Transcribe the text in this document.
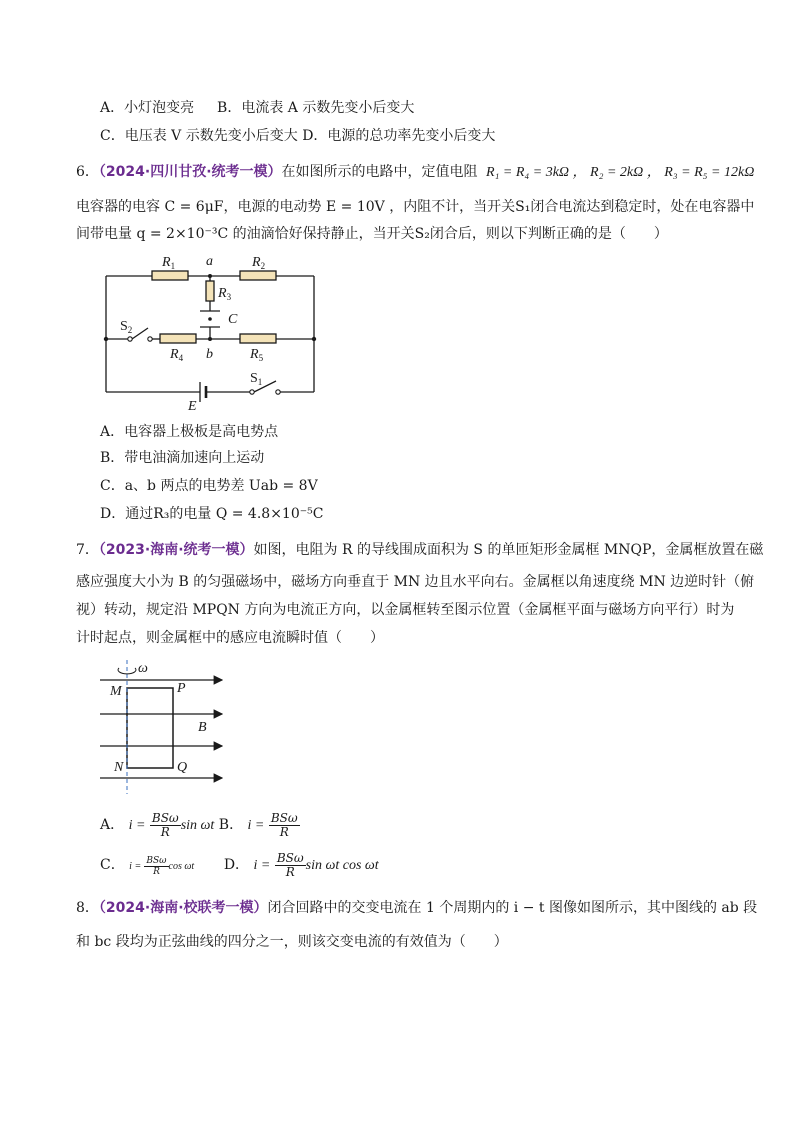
A．小灯泡变亮 B．电流表 A 示数先变小后变大
C．电压表 V 示数先变小后变大 D．电源的总功率先变小后变大
6．（2024·四川甘孜·统考一模）在如图所示的电路中，定值电阻 R₁ = R₄ = 3kΩ ， R₂ = 2kΩ ， R₃ = R₅ = 12kΩ
电容器的电容 C = 6μF，电源的电动势 E = 10V ，内阻不计，当开关S₁闭合电流达到稳定时，处在电容器中
间带电量 q = 2×10⁻³C 的油滴恰好保持静止，当开关S₂闭合后，则以下判断正确的是（　　）
$R_1$ a	$R_2$
$R_3$
C
$S_2$
$R_4$ b	$R_5$
$S_1$
E
A．电容器上极板是高电势点
B．带电油滴加速向上运动
C．a、b 两点的电势差 Uab = 8V
D．通过R₃的电量 Q = 4.8×10⁻⁵C
7．（2023·海南·统考一模）如图，电阻为 R 的导线围成面积为 S 的单匝矩形金属框 MNQP，金属框放置在磁
感应强度大小为 B 的匀强磁场中，磁场方向垂直于 MN 边且水平向右。金属框以角速度绕 MN 边逆时针（俯
视）转动，规定沿 MPQN 方向为电流正方向，以金属框转至图示位置（金属框平面与磁场方向平行）时为
计时起点，则金属框中的感应电流瞬时值（　　）
ω
M	P
B
N	Q
A． $i = \frac{\text{BSω}}{R}$ sin ωt B． $i = \frac{\text{BSω}}{R}$
C． $i = \frac{\text{BSω}}{R}$ cos ωt D． $i = \frac{\text{BSω}}{R}$ sin ωt cos ωt
8．（2024·海南·校联考一模）闭合回路中的交变电流在 1 个周期内的 i − t 图像如图所示，其中图线的 ab 段
和 bc 段均为正弦曲线的四分之一，则该交变电流的有效值为（　　）
